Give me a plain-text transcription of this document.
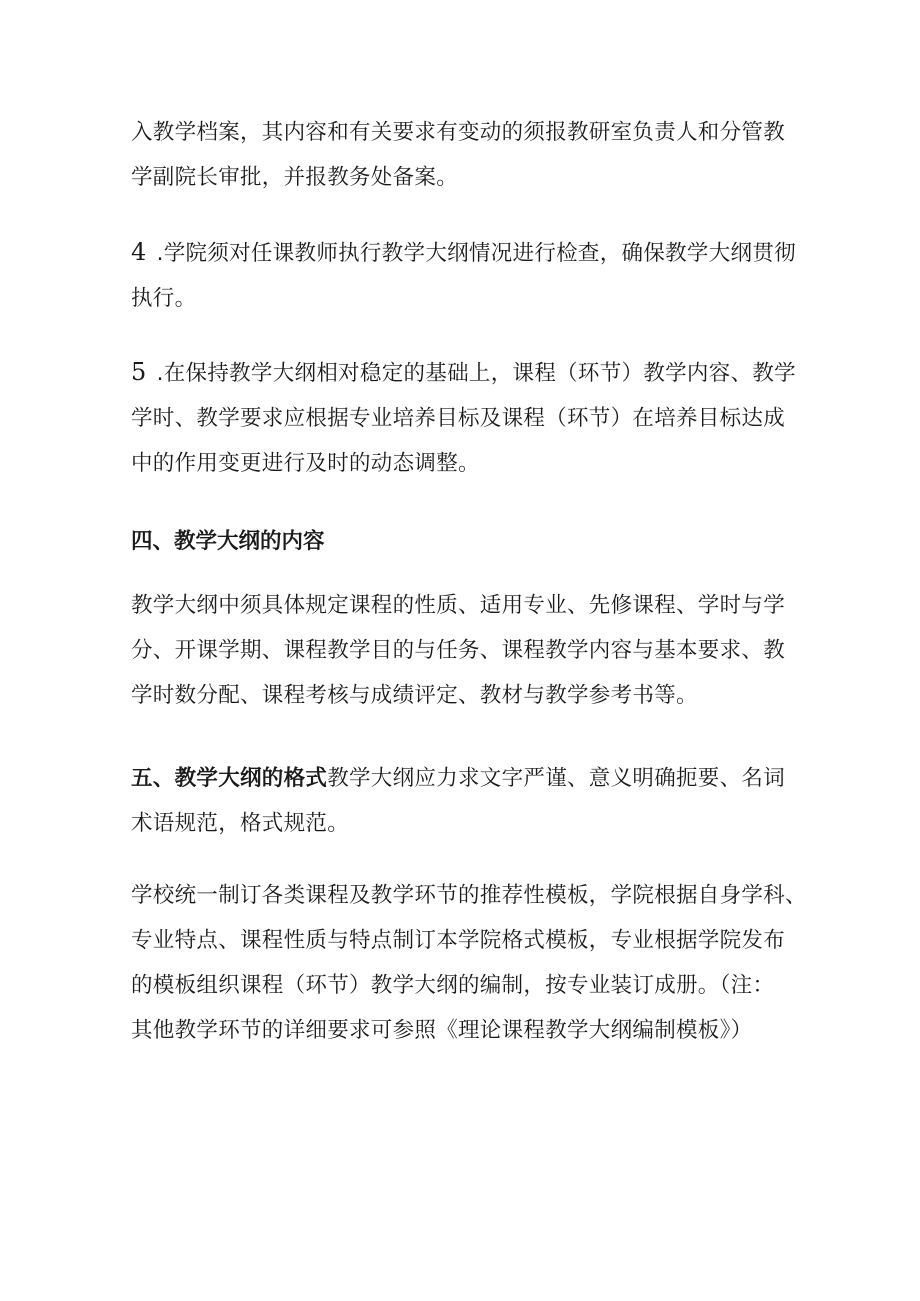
入教学档案，其内容和有关要求有变动的须报教研室负责人和分管教
学副院长审批，并报教务处备案。
4 .学院须对任课教师执行教学大纲情况进行检查，确保教学大纲贯彻
执行。
5 .在保持教学大纲相对稳定的基础上，课程（环节）教学内容、教学
学时、教学要求应根据专业培养目标及课程（环节）在培养目标达成
中的作用变更进行及时的动态调整。
四、教学大纲的内容
教学大纲中须具体规定课程的性质、适用专业、先修课程、学时与学
分、开课学期、课程教学目的与任务、课程教学内容与基本要求、教
学时数分配、课程考核与成绩评定、教材与教学参考书等。
五、教学大纲的格式教学大纲应力求文字严谨、意义明确扼要、名词
术语规范，格式规范。
学校统一制订各类课程及教学环节的推荐性模板，学院根据自身学科、
专业特点、课程性质与特点制订本学院格式模板，专业根据学院发布
的模板组织课程（环节）教学大纲的编制，按专业装订成册。（注：
其他教学环节的详细要求可参照《理论课程教学大纲编制模板》）
